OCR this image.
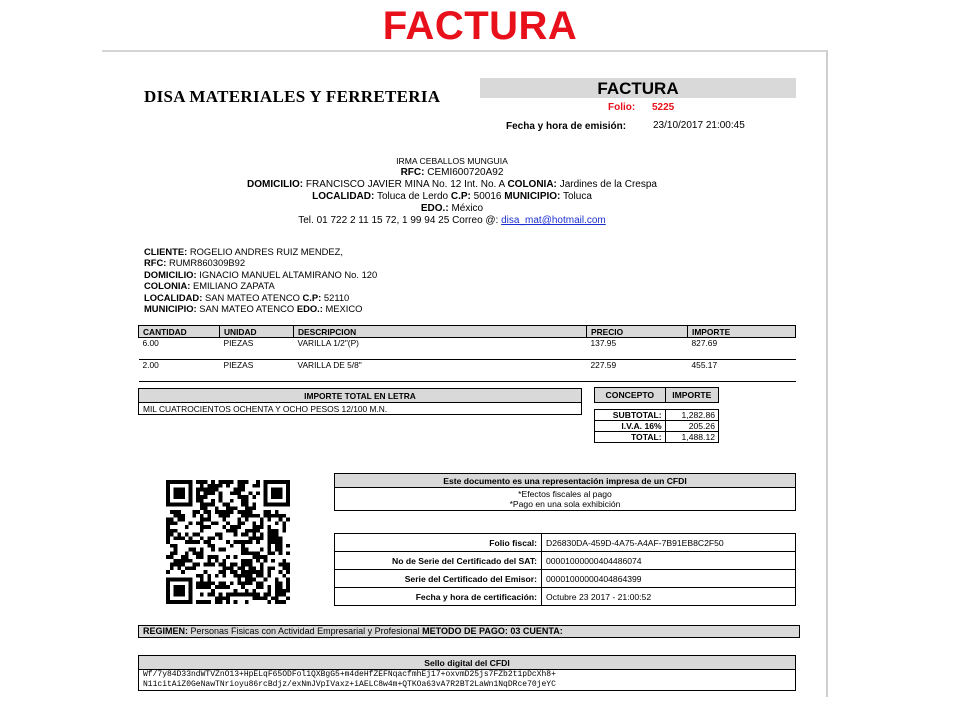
FACTURA
DISA MATERIALES Y FERRETERIA	FACTURA
Folio: 5225
Fecha y hora de emisión:	23/10/2017 21:00:45
IRMA CEBALLOS MUNGUIA
RFC: CEMI600720A92
DOMICILIO: FRANCISCO JAVIER MINA No. 12 Int. No. A COLONIA: Jardines de la Crespa
LOCALIDAD: Toluca de Lerdo C.P: 50016 MUNICIPIO: Toluca
EDO.: México
Tel. 01 722 2 11 15 72, 1 99 94 25 Correo @: disa_mat@hotmail.com
CLIENTE: ROGELIO ANDRES RUIZ MENDEZ,
RFC: RUMR860309B92
DOMICILIO: IGNACIO MANUEL ALTAMIRANO No. 120
COLONIA: EMILIANO ZAPATA
LOCALIDAD: SAN MATEO ATENCO C.P: 52110
MUNICIPIO: SAN MATEO ATENCO EDO.: MEXICO
CANTIDAD	UNIDAD	DESCRIPCION	PRECIO	IMPORTE
6.00	PIEZAS	VARILLA 1/2"(P)	137.95	827.69
2.00	PIEZAS	VARILLA DE 5/8"	227.59	455.17
IMPORTE TOTAL EN LETRA
MIL CUATROCIENTOS OCHENTA Y OCHO PESOS 12/100 M.N.
CONCEPTO	IMPORTE

SUBTOTAL:	1,282.86
I.V.A. 16%	205.26
TOTAL:	1,488.12
Este documento es una representación impresa de un CFDI

*Efectos fiscales al pago
*Pago en una sola exhibición
Folio fiscal:	D26830DA-459D-4A75-A4AF-7B91EB8C2F50
No de Serie del Certificado del SAT:	00001000000404486074
Serie del Certificado del Emisor:	00001000000404864399
Fecha y hora de certificación:	Octubre 23 2017 - 21:00:52
REGIMEN: Personas Fisicas con Actividad Empresarial y Profesional METODO DE PAGO: 03 CUENTA:
Sello digital del CFDI

Wf/7y84D33ndWTVZnO13+HpELqF65ODFol1QXBgG5+m4deHfZEFNqacfmhEj17+oxvmD25js7FZb2t1pDcXh8+
N11citAiZ0GeNawTNrioyu86rcBdjz/exNmJVpIVaxz+iAELC8w4m+QTKOa63vA7R2BT2LaWn1NqDRce70jeYC
